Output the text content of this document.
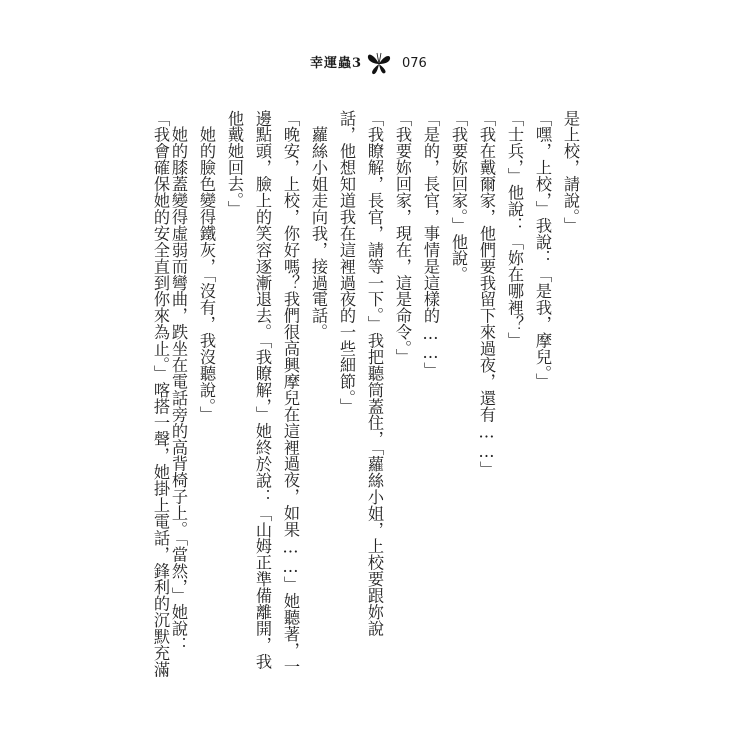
幸運蟲3	076
是上校，請說。」
「嘿，上校，」我說：「是我，摩兒。」
「士兵，」他說：「妳在哪裡？」
「我在戴爾家，他們要我留下來過夜，還有……」
「我要妳回家。」他說。
「是的，長官，事情是這樣的……」
「我要妳回家，現在，這是命令。」
「我瞭解，長官，請等一下。」我把聽筒蓋住，「蘿絲小姐，上校要跟妳說
話，他想知道我在這裡過夜的一些細節。」
　蘿絲小姐走向我，接過電話。
「晚安，上校，你好嗎？我們很高興摩兒在這裡過夜，如果……」她聽著，一
邊點頭，臉上的笑容逐漸退去。「我瞭解，」她終於說：「山姆正準備離開，我
他戴她回去。」
　她的臉色變得鐵灰，「沒有，我沒聽說。」
　她的膝蓋變得虛弱而彎曲，跌坐在電話旁的高背椅子上。「當然，」她說：
「我會確保她的安全直到你來為止。」喀搭一聲，她掛上電話，鋒利的沉默充滿
